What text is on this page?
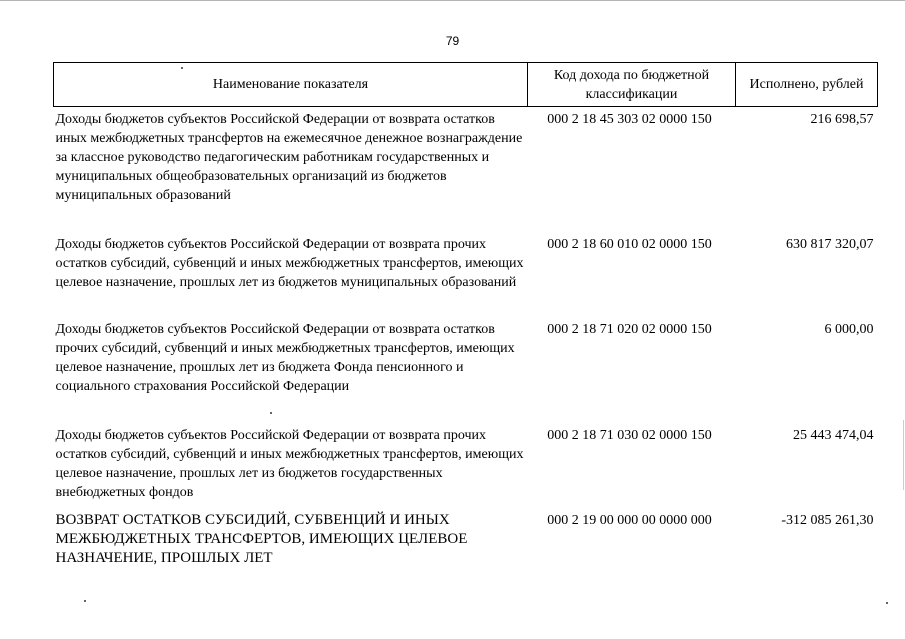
79
Наименование показателя	Код дохода по бюджетной классификации	Исполнено, рублей
Доходы бюджетов субъектов Российской Федерации от возврата остатков иных межбюджетных трансфертов на ежемесячное денежное вознаграждение за классное руководство педагогическим работникам государственных и муниципальных общеобразовательных организаций из бюджетов муниципальных образований	000 2 18 45 303 02 0000 150	216 698,57
Доходы бюджетов субъектов Российской Федерации от возврата прочих остатков субсидий, субвенций и иных межбюджетных трансфертов, имеющих целевое назначение, прошлых лет из бюджетов муниципальных образований	000 2 18 60 010 02 0000 150	630 817 320,07
Доходы бюджетов субъектов Российской Федерации от возврата остатков прочих субсидий, субвенций и иных межбюджетных трансфертов, имеющих целевое назначение, прошлых лет из бюджета Фонда пенсионного и социального страхования Российской Федерации	000 2 18 71 020 02 0000 150	6 000,00
Доходы бюджетов субъектов Российской Федерации от возврата прочих остатков субсидий, субвенций и иных межбюджетных трансфертов, имеющих целевое назначение, прошлых лет из бюджетов государственных внебюджетных фондов	000 2 18 71 030 02 0000 150	25 443 474,04
ВОЗВРАТ ОСТАТКОВ СУБСИДИЙ, СУБВЕНЦИЙ И ИНЫХ МЕЖБЮДЖЕТНЫХ ТРАНСФЕРТОВ, ИМЕЮЩИХ ЦЕЛЕВОЕ НАЗНАЧЕНИЕ, ПРОШЛЫХ ЛЕТ	000 2 19 00 000 00 0000 000	-312 085 261,30
